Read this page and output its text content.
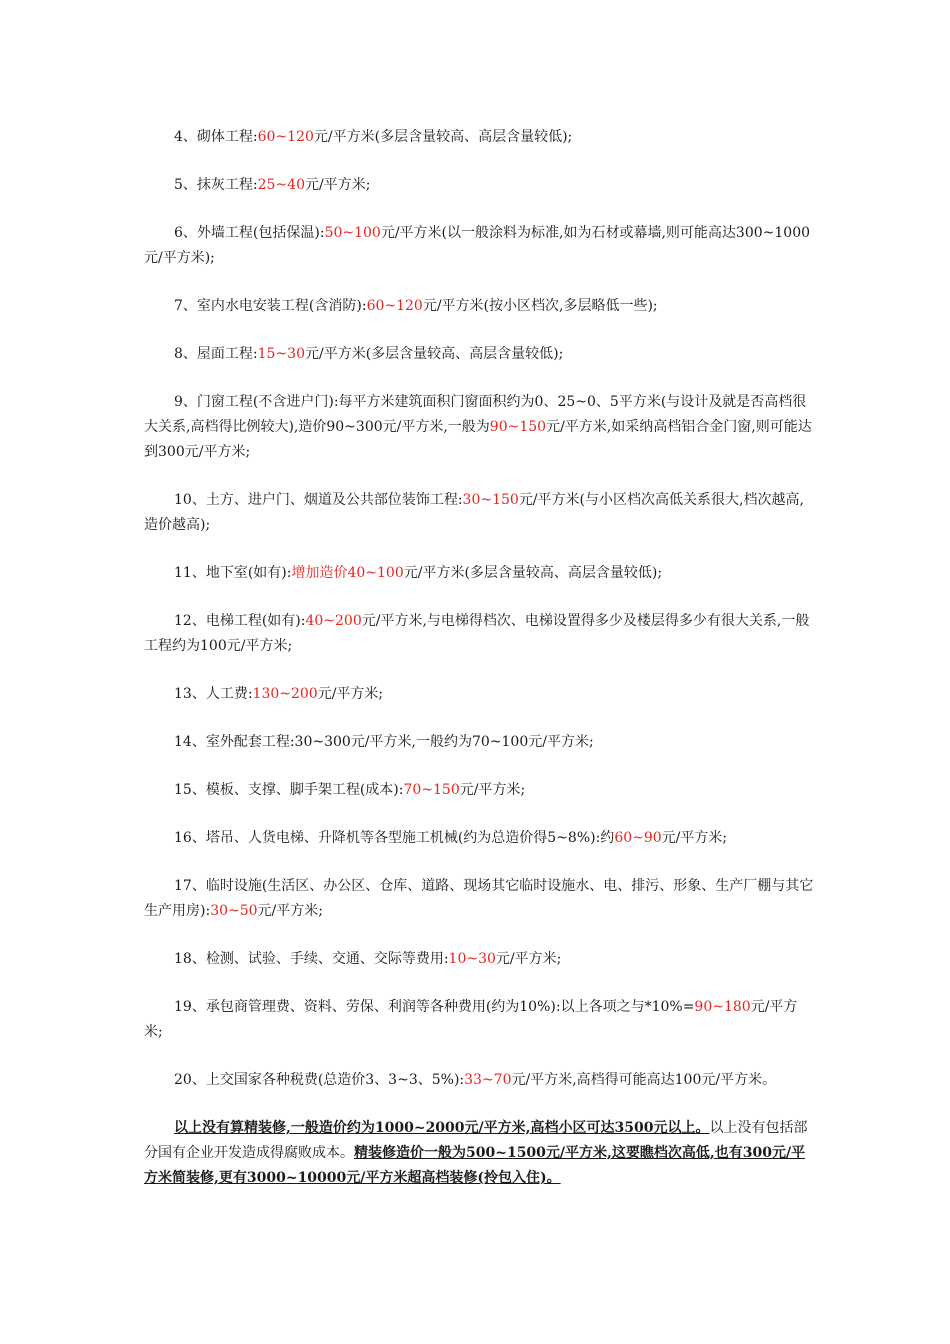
4、砌体工程:60~120元/平方米(多层含量较高、高层含量较低);

5、抹灰工程:25~40元/平方米;

6、外墙工程(包括保温):50~100元/平方米(以一般涂料为标准,如为石材或幕墙,则可能高达300~1000元/平方米);

7、室内水电安装工程(含消防):60~120元/平方米(按小区档次,多层略低一些);

8、屋面工程:15~30元/平方米(多层含量较高、高层含量较低);

9、门窗工程(不含进户门):每平方米建筑面积门窗面积约为0、25~0、5平方米(与设计及就是否高档很大关系,高档得比例较大),造价90~300元/平方米,一般为90~150元/平方米,如采纳高档铝合金门窗,则可能达到300元/平方米;

10、土方、进户门、烟道及公共部位装饰工程:30~150元/平方米(与小区档次高低关系很大,档次越高,造价越高);

11、地下室(如有):增加造价40~100元/平方米(多层含量较高、高层含量较低);

12、电梯工程(如有):40~200元/平方米,与电梯得档次、电梯设置得多少及楼层得多少有很大关系,一般工程约为100元/平方米;

13、人工费:130~200元/平方米;

14、室外配套工程:30~300元/平方米,一般约为70~100元/平方米;

15、模板、支撑、脚手架工程(成本):70~150元/平方米;

16、塔吊、人货电梯、升降机等各型施工机械(约为总造价得5~8%):约60~90元/平方米;

17、临时设施(生活区、办公区、仓库、道路、现场其它临时设施水、电、排污、形象、生产厂棚与其它生产用房):30~50元/平方米;

18、检测、试验、手续、交通、交际等费用:10~30元/平方米;

19、承包商管理费、资料、劳保、利润等各种费用(约为10%):以上各项之与*10%=90~180元/平方米;

20、上交国家各种税费(总造价3、3~3、5%):33~70元/平方米,高档得可能高达100元/平方米。

以上没有算精装修,一般造价约为1000~2000元/平方米,高档小区可达3500元以上。以上没有包括部分国有企业开发造成得腐败成本。精装修造价一般为500~1500元/平方米,这要瞧档次高低,也有300元/平方米简装修,更有3000~10000元/平方米超高档装修(拎包入住)。
